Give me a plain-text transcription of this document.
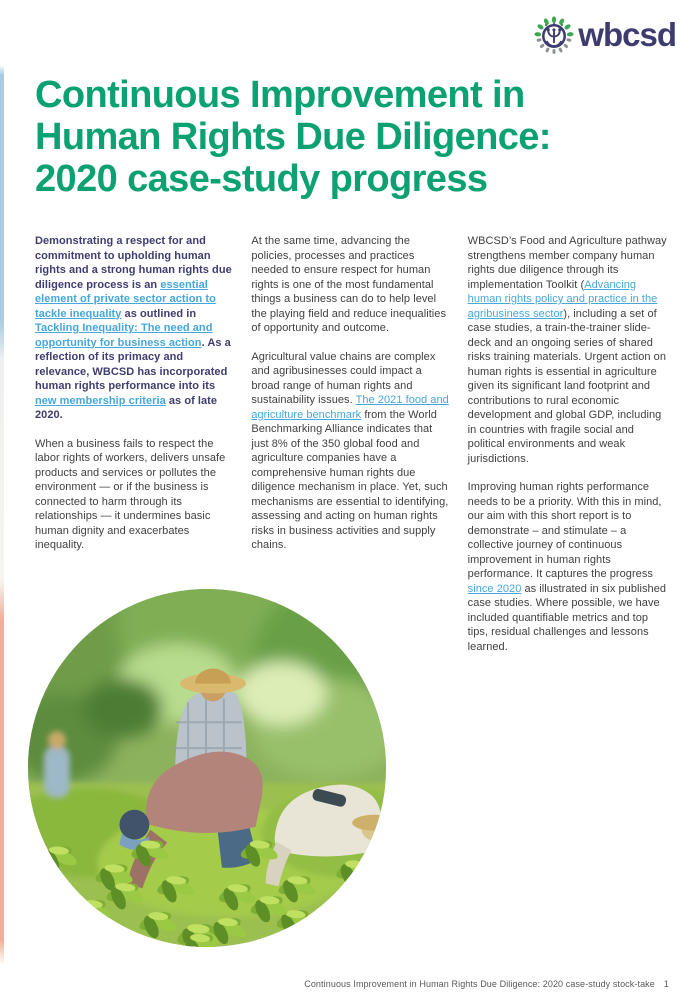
wbcsd
Continuous Improvement in
Human Rights Due Diligence:
2020 case-study progress

Demonstrating a respect for and commitment to upholding human rights and a strong human rights due diligence process is an essential element of private sector action to tackle inequality as outlined in Tackling Inequality: The need and opportunity for business action. As a reflection of its primacy and relevance, WBCSD has incorporated human rights performance into its new membership criteria as of late 2020.

When a business fails to respect the labor rights of workers, delivers unsafe products and services or pollutes the environment — or if the business is connected to harm through its relationships — it undermines basic human dignity and exacerbates inequality.

At the same time, advancing the policies, processes and practices needed to ensure respect for human rights is one of the most fundamental things a business can do to help level the playing field and reduce inequalities of opportunity and outcome.

Agricultural value chains are complex and agribusinesses could impact a broad range of human rights and sustainability issues. The 2021 food and agriculture benchmark from the World Benchmarking Alliance indicates that just 8% of the 350 global food and agriculture companies have a comprehensive human rights due diligence mechanism in place. Yet, such mechanisms are essential to identifying, assessing and acting on human rights risks in business activities and supply chains.

WBCSD’s Food and Agriculture pathway strengthens member company human rights due diligence through its implementation Toolkit (Advancing human rights policy and practice in the agribusiness sector), including a set of case studies, a train-the-trainer slide-deck and an ongoing series of shared risks training materials. Urgent action on human rights is essential in agriculture given its significant land footprint and contributions to rural economic development and global GDP, including in countries with fragile social and political environments and weak jurisdictions.

Improving human rights performance needs to be a priority. With this in mind, our aim with this short report is to demonstrate – and stimulate – a collective journey of continuous improvement in human rights performance. It captures the progress since 2020 as illustrated in six published case studies. Where possible, we have included quantifiable metrics and top tips, residual challenges and lessons learned.

Continuous Improvement in Human Rights Due Diligence: 2020 case-study stock-take 1
